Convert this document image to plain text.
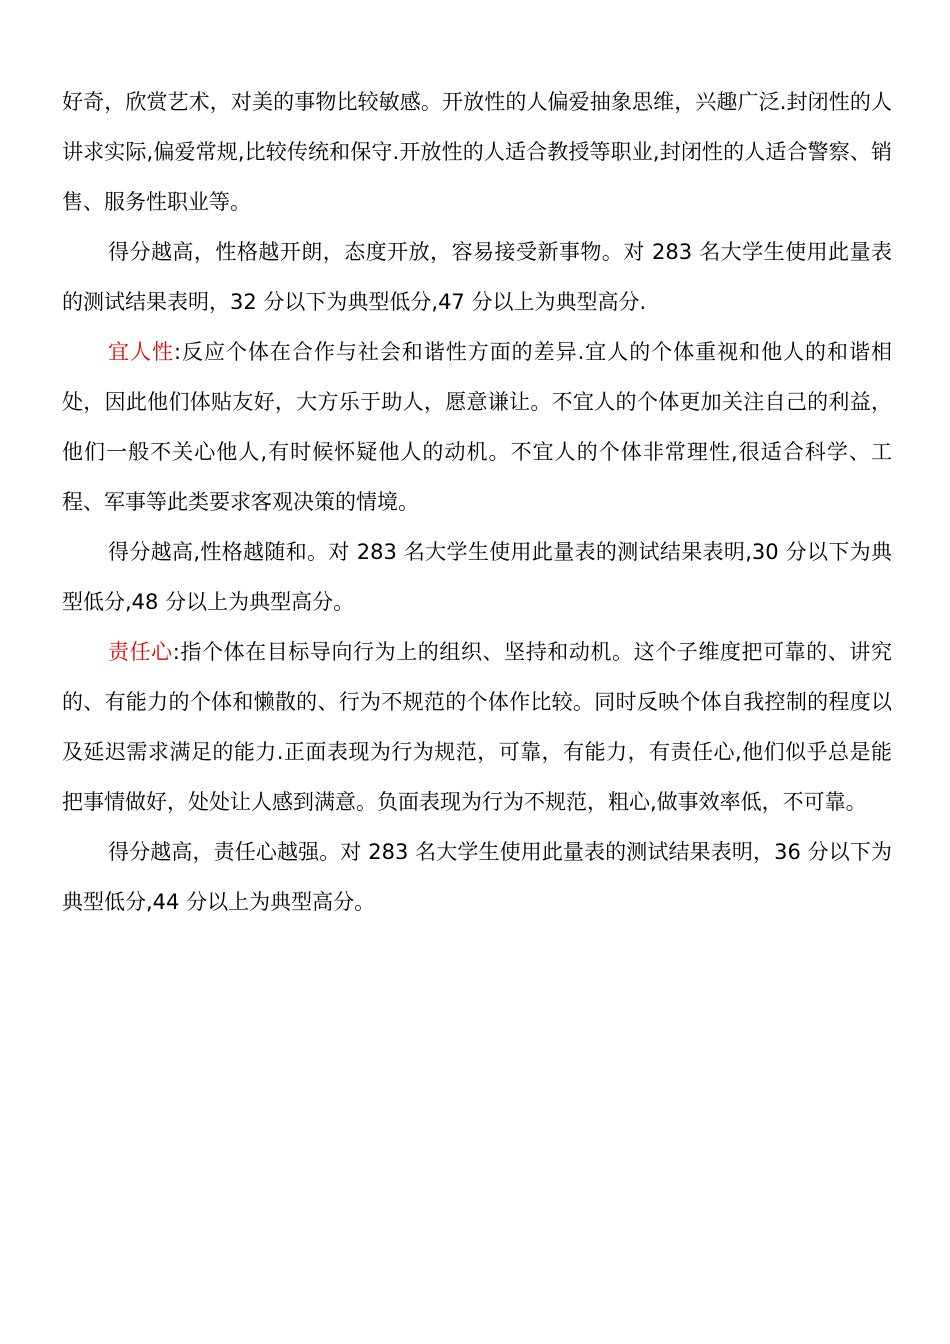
好奇，欣赏艺术，对美的事物比较敏感。开放性的人偏爱抽象思维，兴趣广泛.封闭性的人讲求实际,偏爱常规,比较传统和保守.开放性的人适合教授等职业,封闭性的人适合警察、销售、服务性职业等。

得分越高，性格越开朗，态度开放，容易接受新事物。对 283 名大学生使用此量表的测试结果表明，32 分以下为典型低分,47 分以上为典型高分.

宜人性:反应个体在合作与社会和谐性方面的差异.宜人的个体重视和他人的和谐相处，因此他们体贴友好，大方乐于助人，愿意谦让。不宜人的个体更加关注自己的利益，他们一般不关心他人,有时候怀疑他人的动机。不宜人的个体非常理性,很适合科学、工程、军事等此类要求客观决策的情境。

得分越高,性格越随和。对 283 名大学生使用此量表的测试结果表明,30 分以下为典型低分,48 分以上为典型高分。

责任心:指个体在目标导向行为上的组织、坚持和动机。这个子维度把可靠的、讲究的、有能力的个体和懒散的、行为不规范的个体作比较。同时反映个体自我控制的程度以及延迟需求满足的能力.正面表现为行为规范，可靠，有能力，有责任心,他们似乎总是能把事情做好，处处让人感到满意。负面表现为行为不规范，粗心,做事效率低，不可靠。

得分越高，责任心越强。对 283 名大学生使用此量表的测试结果表明，36 分以下为典型低分,44 分以上为典型高分。
